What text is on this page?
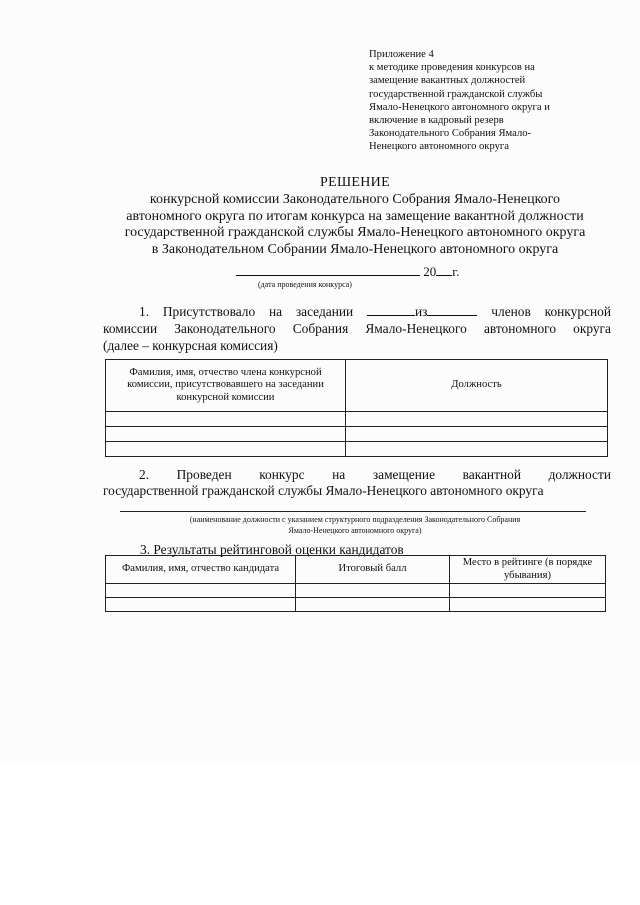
Приложение 4
к методике проведения конкурсов на
замещение вакантных должностей
государственной гражданской службы
Ямало-Ненецкого автономного округа и
включение в кадровый резерв
Законодательного Собрания Ямало-
Ненецкого автономного округа
РЕШЕНИЕ
конкурсной комиссии Законодательного Собрания Ямало-Ненецкого
автономного округа по итогам конкурса на замещение вакантной должности
государственной гражданской службы Ямало-Ненецкого автономного округа
в Законодательном Собрании Ямало-Ненецкого автономного округа
20 г.
(дата проведения конкурса)
1. Присутствовало на заседании	из	членов конкурсной
комиссии Законодательного Собрания Ямало-Ненецкого автономного округа
(далее – конкурсная комиссия)
Фамилия, имя, отчество члена конкурсной комиссии, присутствовавшего на заседании конкурсной комиссии	Должность

2. Проведен конкурс на замещение вакантной должности
государственной гражданской службы Ямало-Ненецкого автономного округа
(наименование должности с указанием структурного подразделения Законодательного Собрания
Ямало-Ненецкого автономного округа)
3. Результаты рейтинговой оценки кандидатов
Фамилия, имя, отчество кандидата	Итоговый балл	Место в рейтинге (в порядке убывания)
